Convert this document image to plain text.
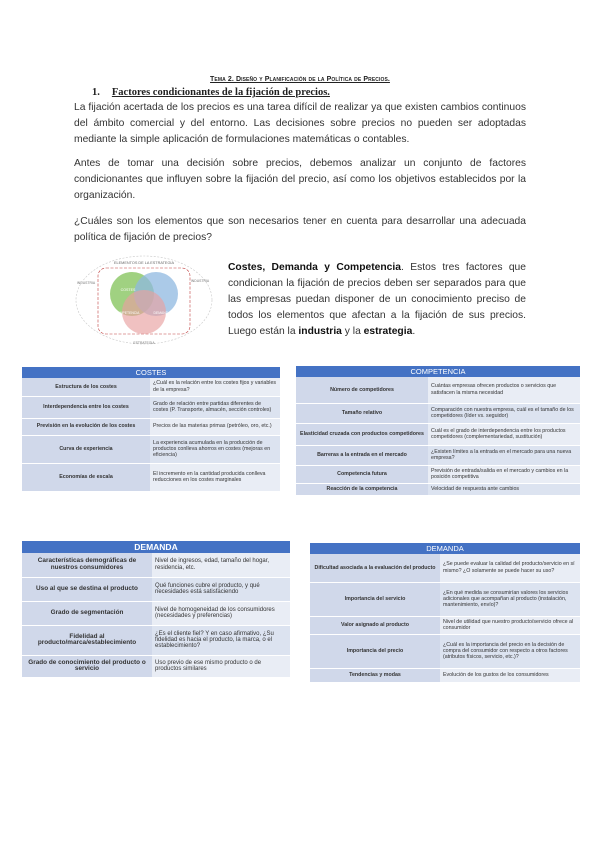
Tema 2. Diseño y Planificación de la Política de Precios.
1. Factores condicionantes de la fijación de precios.
La fijación acertada de los precios es una tarea difícil de realizar ya que existen cambios continuos del ámbito comercial y del entorno. Las decisiones sobre precios no pueden ser adoptadas mediante la simple aplicación de formulaciones matemáticas o contables.
Antes de tomar una decisión sobre precios, debemos analizar un conjunto de factores condicionantes que influyen sobre la fijación del precio, así como los objetivos establecidos por la organización.
¿Cuáles son los elementos que son necesarios tener en cuenta para desarrollar una adecuada política de fijación de precios?
ELEMENTOS DE LA ESTRATEGIA
INDUSTRIA	INDUSTRIA
ESTRATEGIA
COSTES
DEMANDA
COMPETENCIA
Costes, Demanda y Competencia. Estos tres factores que condicionan la fijación de precios deben ser separados para que las empresas puedan disponer de un conocimiento preciso de todos los elementos que afectan a la fijación de sus precios. Luego están la industria y la estrategia.
COSTES	
Estructura de los costes	¿Cuál es la relación entre los costes fijos y variables de la empresa?
Interdependencia entre los costes	Grado de relación entre partidas diferentes de costes (P. Transporte, almacén, sección controles)
Previsión en la evolución de los costes	Precios de las materias primas (petróleo, oro, etc.)
Curva de experiencia	La experiencia acumulada en la producción de productos conlleva ahorros en costes (mejoras en eficiencia)
Economías de escala	El incremento en la cantidad producida conlleva reducciones en los costes marginales
COMPETENCIA	
Número de competidores	Cuántas empresas ofrecen productos o servicios que satisfacen la misma necesidad
Tamaño relativo	Comparación con nuestra empresa, cuál es el tamaño de los competidores (líder vs. seguidor)
Elasticidad cruzada con productos competidores	Cuál es el grado de interdependencia entre los productos competidores (complementariedad, sustitución)
Barreras a la entrada en el mercado	¿Existen límites a la entrada en el mercado para una nueva empresa?
Competencia futura	Previsión de entrada/salida en el mercado y cambios en la posición competitiva
Reacción de la competencia	Velocidad de respuesta ante cambios
DEMANDA	
Características demográficas de nuestros consumidores	Nivel de ingresos, edad, tamaño del hogar, residencia, etc.
Uso al que se destina el producto	Qué funciones cubre el producto, y qué necesidades está satisfaciendo
Grado de segmentación	Nivel de homogeneidad de los consumidores (necesidades y preferencias)
Fidelidad al producto/marca/establecimiento	¿Es el cliente fiel? Y en caso afirmativo, ¿Su fidelidad es hacia el producto, la marca, o el establecimiento?
Grado de conocimiento del producto o servicio	Uso previo de ese mismo producto o de productos similares
DEMANDA	
Dificultad asociada a la evaluación del producto	¿Se puede evaluar la calidad del producto/servicio en sí mismo? ¿O solamente se puede hacer su uso?
Importancia del servicio	¿En qué medida se consumirían valores los servicios adicionales que acompañan al producto (instalación, mantenimiento, envío)?
Valor asignado al producto	Nivel de utilidad que nuestro producto/servicio ofrece al consumidor
Importancia del precio	¿Cuál es la importancia del precio en la decisión de compra del consumidor con respecto a otros factores (atributos físicos, servicio, etc.)?
Tendencias y modas	Evolución de los gustos de los consumidores
